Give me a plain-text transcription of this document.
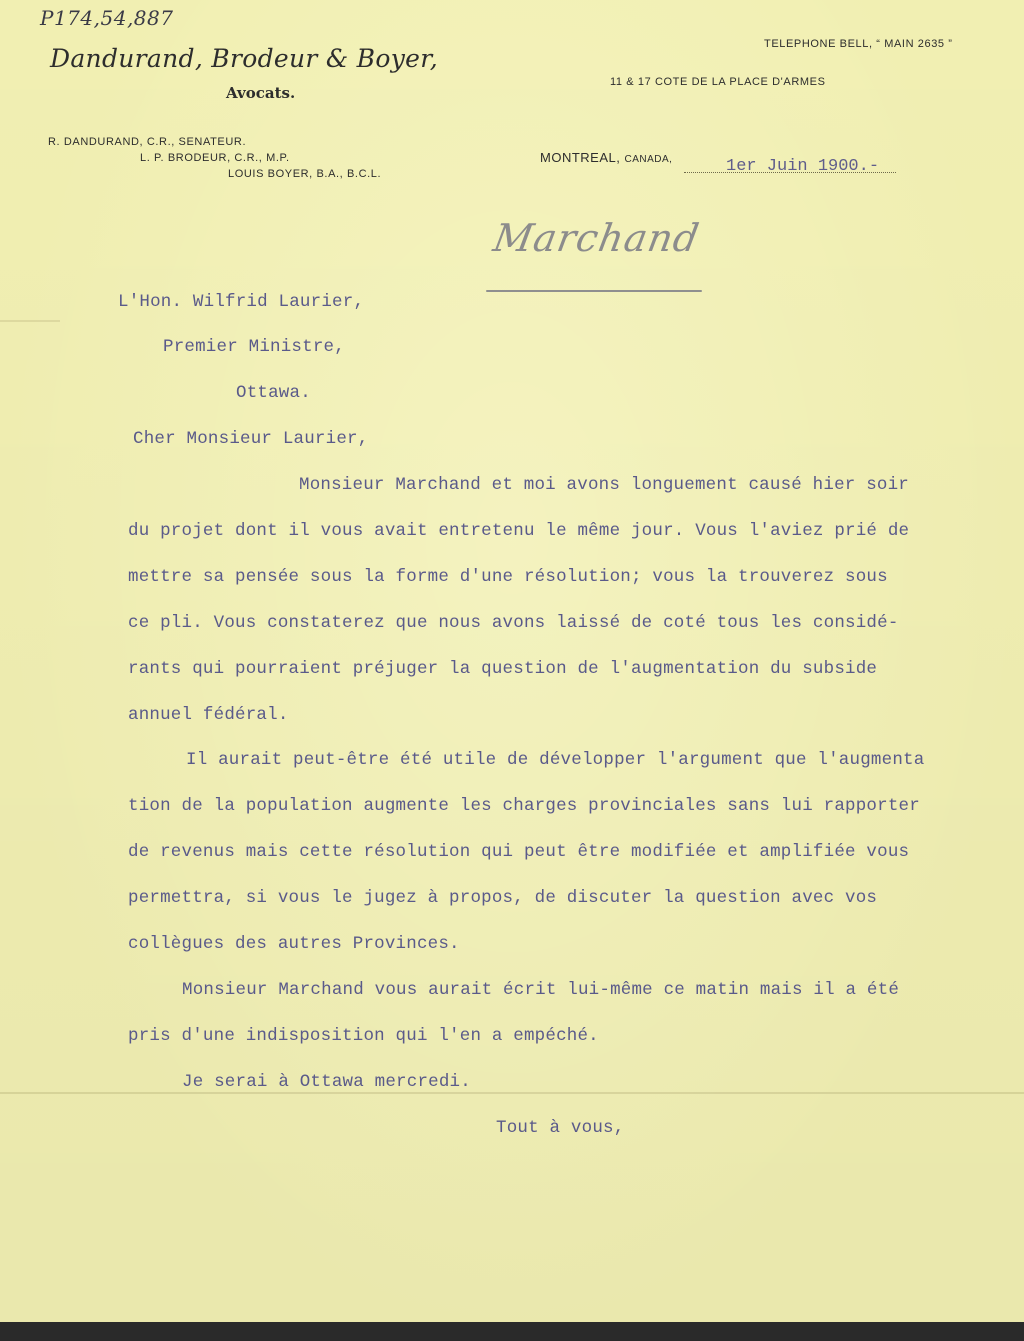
P174,54,887
Dandurand, Brodeur & Boyer,
Avocats.
TELEPHONE BELL, “ MAIN 2635 ”
11 & 17 COTE DE LA PLACE D'ARMES
R. DANDURAND, C.R., SENATEUR.
L. P. BRODEUR, C.R., M.P.
LOUIS BOYER, B.A., B.C.L.
MONTREAL, CANADA,	1er Juin 1900.-
Marchand
L'Hon. Wilfrid Laurier,
Premier Ministre,
Ottawa.
Cher Monsieur Laurier,
Monsieur Marchand et moi avons longuement causé hier soir
du projet dont il vous avait entretenu le même jour. Vous l'aviez prié de
mettre sa pensée sous la forme d'une résolution; vous la trouverez sous
ce pli. Vous constaterez que nous avons laissé de coté tous les considé-
rants qui pourraient préjuger la question de l'augmentation du subside
annuel fédéral.
Il aurait peut-être été utile de développer l'argument que l'augmenta
tion de la population augmente les charges provinciales sans lui rapporter
de revenus mais cette résolution qui peut être modifiée et amplifiée vous
permettra, si vous le jugez à propos, de discuter la question avec vos
collègues des autres Provinces.
Monsieur Marchand vous aurait écrit lui-même ce matin mais il a été
pris d'une indisposition qui l'en a empéché.
Je serai à Ottawa mercredi.
Tout à vous,
